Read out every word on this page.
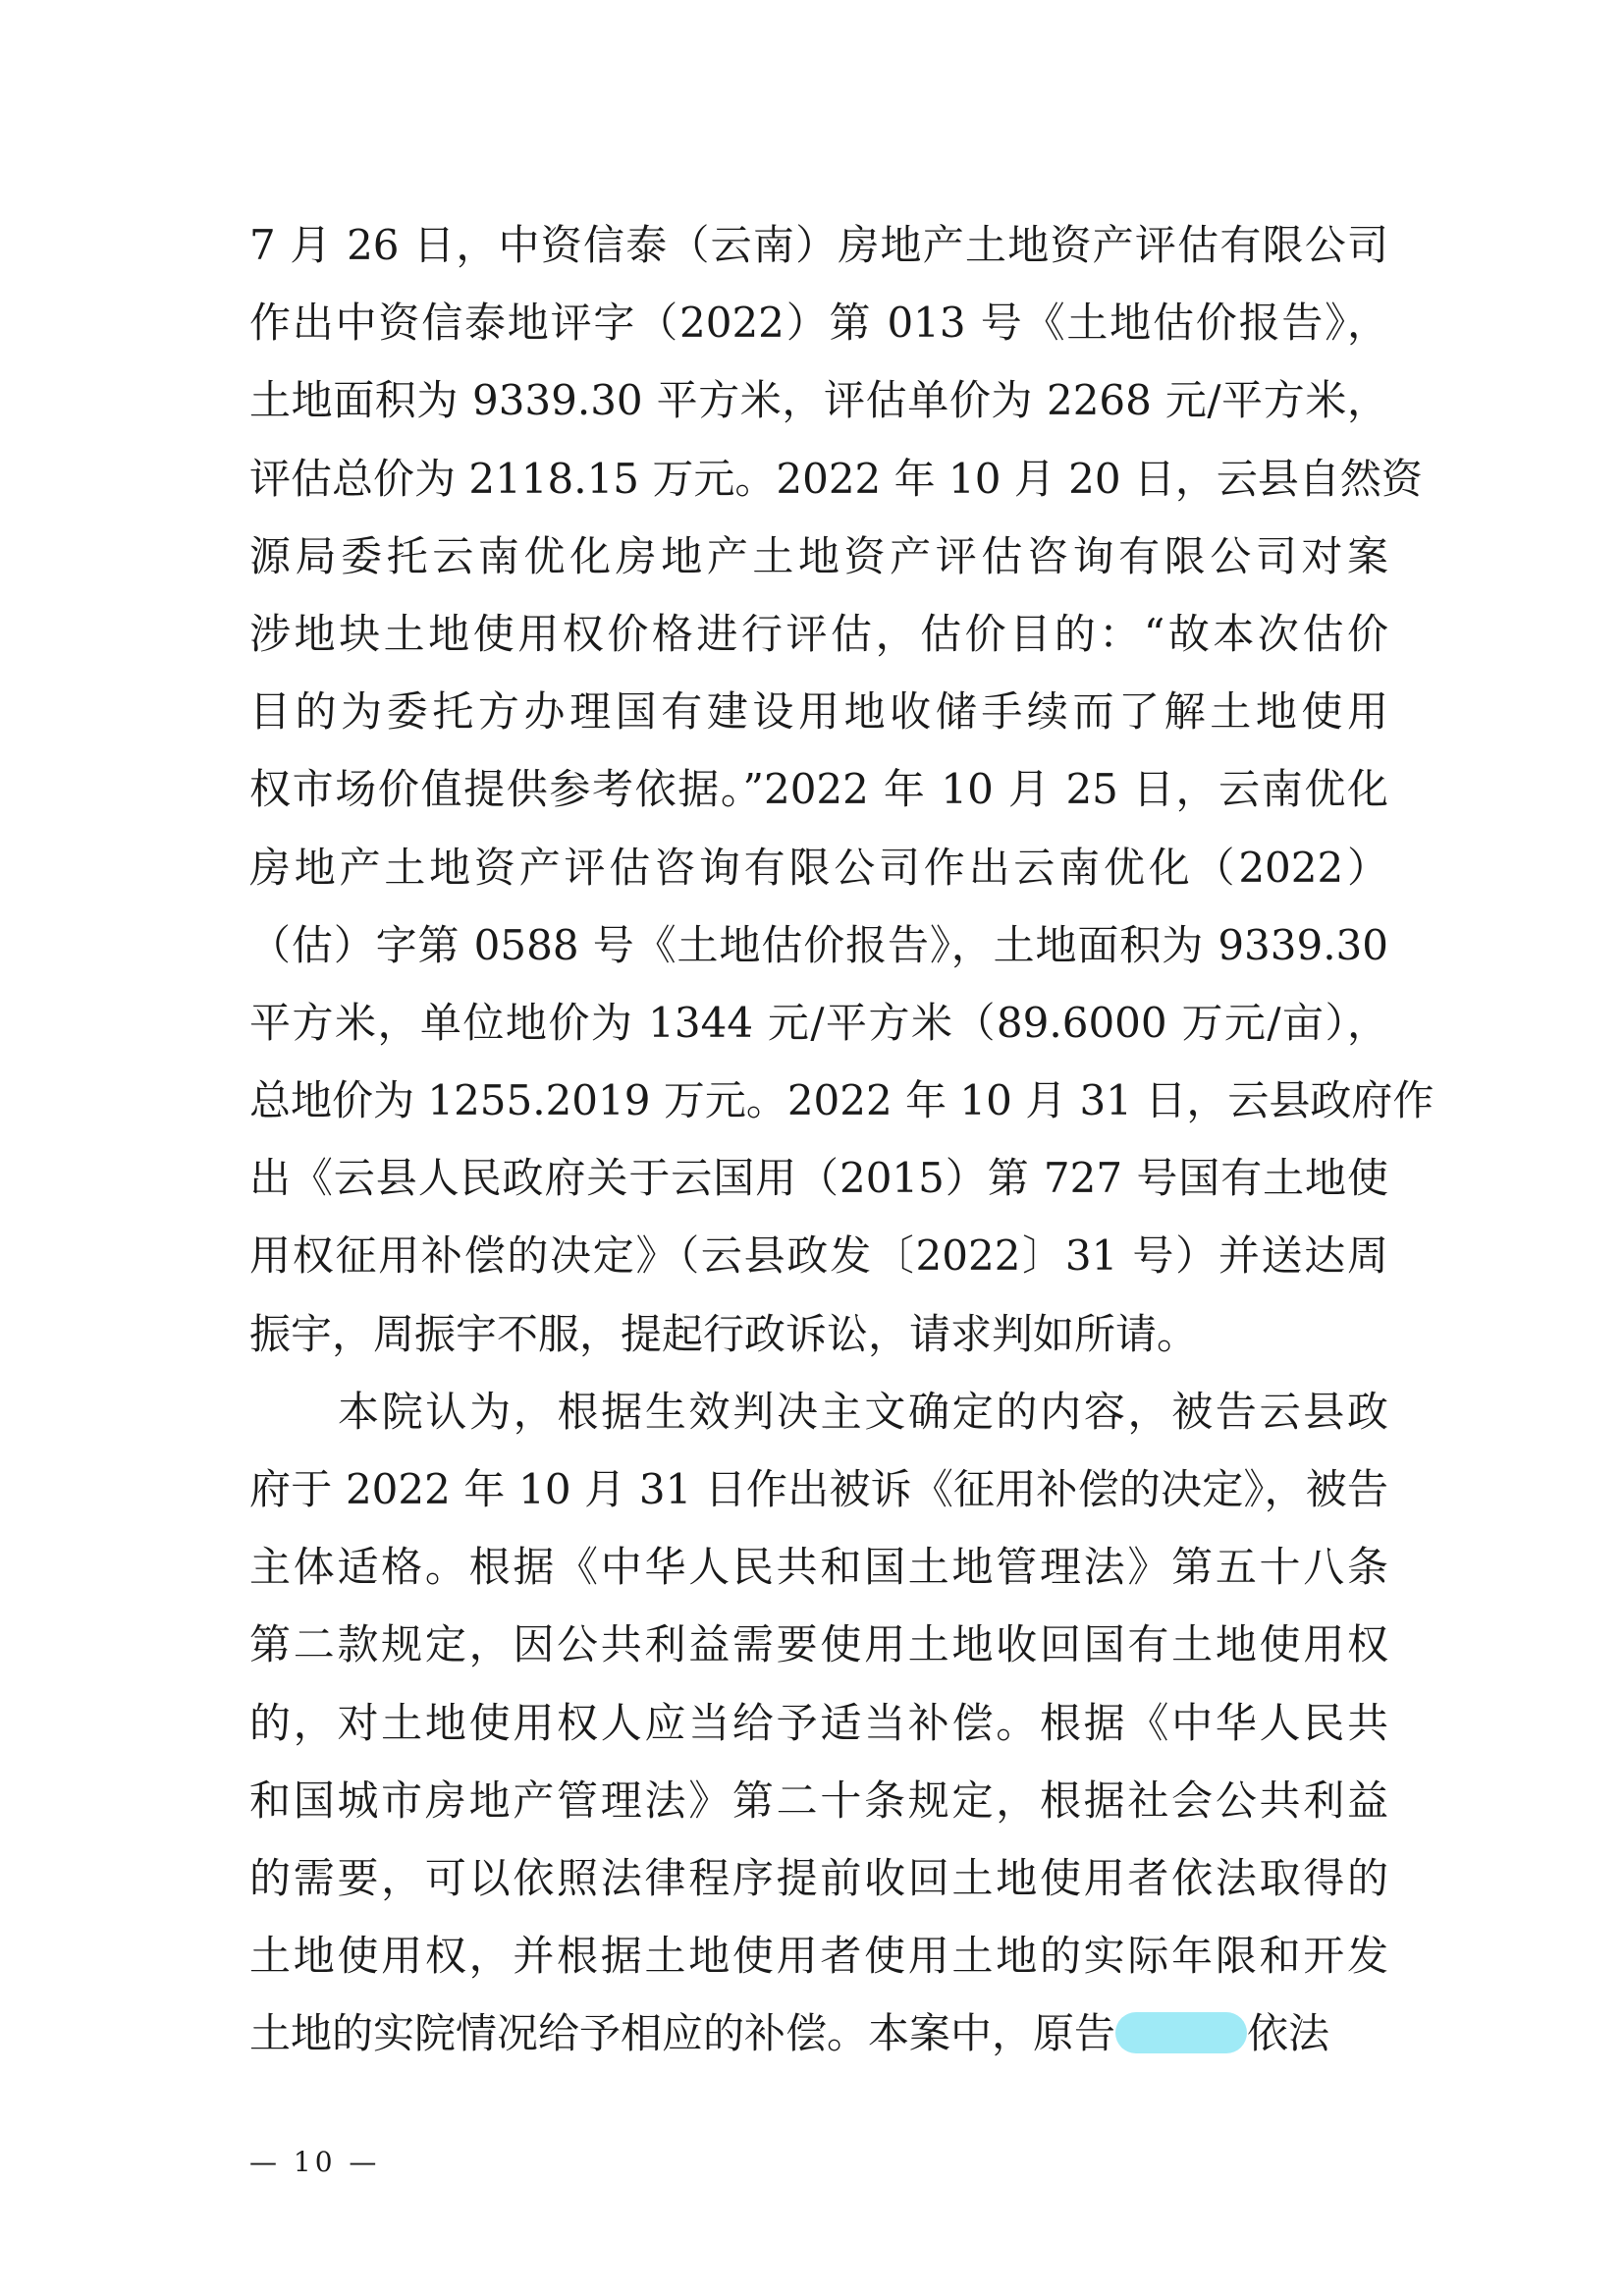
7 月 26 日，中资信泰（云南）房地产土地资产评估有限公司
作出中资信泰地评字（2022）第 013 号《土地估价报告》，
土地面积为 9339.30 平方米，评估单价为 2268 元/平方米，
评估总价为 2118.15 万元。2022 年 10 月 20 日，云县自然资
源局委托云南优化房地产土地资产评估咨询有限公司对案
涉地块土地使用权价格进行评估，估价目的：“故本次估价
目的为委托方办理国有建设用地收储手续而了解土地使用
权市场价值提供参考依据。”2022 年 10 月 25 日，云南优化
房地产土地资产评估咨询有限公司作出云南优化（2022）
（估）字第 0588 号《土地估价报告》，土地面积为 9339.30
平方米，单位地价为 1344 元/平方米（89.6000 万元/亩），
总地价为 1255.2019 万元。2022 年 10 月 31 日，云县政府作
出《云县人民政府关于云国用（2015）第 727 号国有土地使
用权征用补偿的决定》（云县政发〔2022〕31 号）并送达周
振宇，周振宇不服，提起行政诉讼，请求判如所请。
本院认为，根据生效判决主文确定的内容，被告云县政
府于 2022 年 10 月 31 日作出被诉《征用补偿的决定》，被告
主体适格。根据《中华人民共和国土地管理法》第五十八条
第二款规定，因公共利益需要使用土地收回国有土地使用权
的，对土地使用权人应当给予适当补偿。根据《中华人民共
和国城市房地产管理法》第二十条规定，根据社会公共利益
的需要，可以依照法律程序提前收回土地使用者依法取得的
土地使用权，并根据土地使用者使用土地的实际年限和开发
土地的实院情况给予相应的补偿。本案中，原告	依法
— 10 —
